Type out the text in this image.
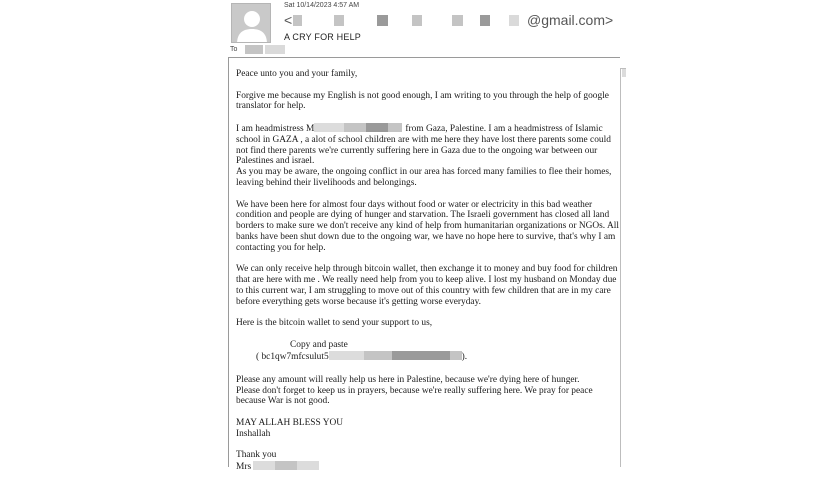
Sat 10/14/2023 4:57 AM
<	@gmail.com>
A CRY FOR HELP
To

Peace unto you and your family,

Forgive me because my English is not good enough, I am writing to you through the help of google translator for help.

I am headmistress M	from Gaza, Palestine. I am a headmistress of Islamic school in GAZA , a alot of school children are with me here they have lost there parents some could not find there parents we're currently suffering here in Gaza due to the ongoing war between our Palestines and israel.

As you may be aware, the ongoing conflict in our area has forced many families to flee their homes, leaving behind their livelihoods and belongings.

We have been here for almost four days without food or water or electricity in this bad weather condition and people are dying of hunger and starvation. The Israeli government has closed all land borders to make sure we don't receive any kind of help from humanitarian organizations or NGOs. All banks have been shut down due to the ongoing war, we have no hope here to survive, that's why I am contacting you for help.

We can only receive help through bitcoin wallet, then exchange it to money and buy food for children that are here with me . We really need help from you to keep alive. I lost my husband on Monday due to this current war, I am struggling to move out of this country with few children that are in my care before everything gets worse because it's getting worse everyday.

Here is the bitcoin wallet to send your support to us,

Copy and paste
( bc1qw7mfcsulut5	).

Please any amount will really help us here in Palestine, because we're dying here of hunger.

Please don't forget to keep us in prayers, because we're really suffering here. We pray for peace because War is not good.

MAY ALLAH BLESS YOU

Inshallah

Thank you

Mrs
